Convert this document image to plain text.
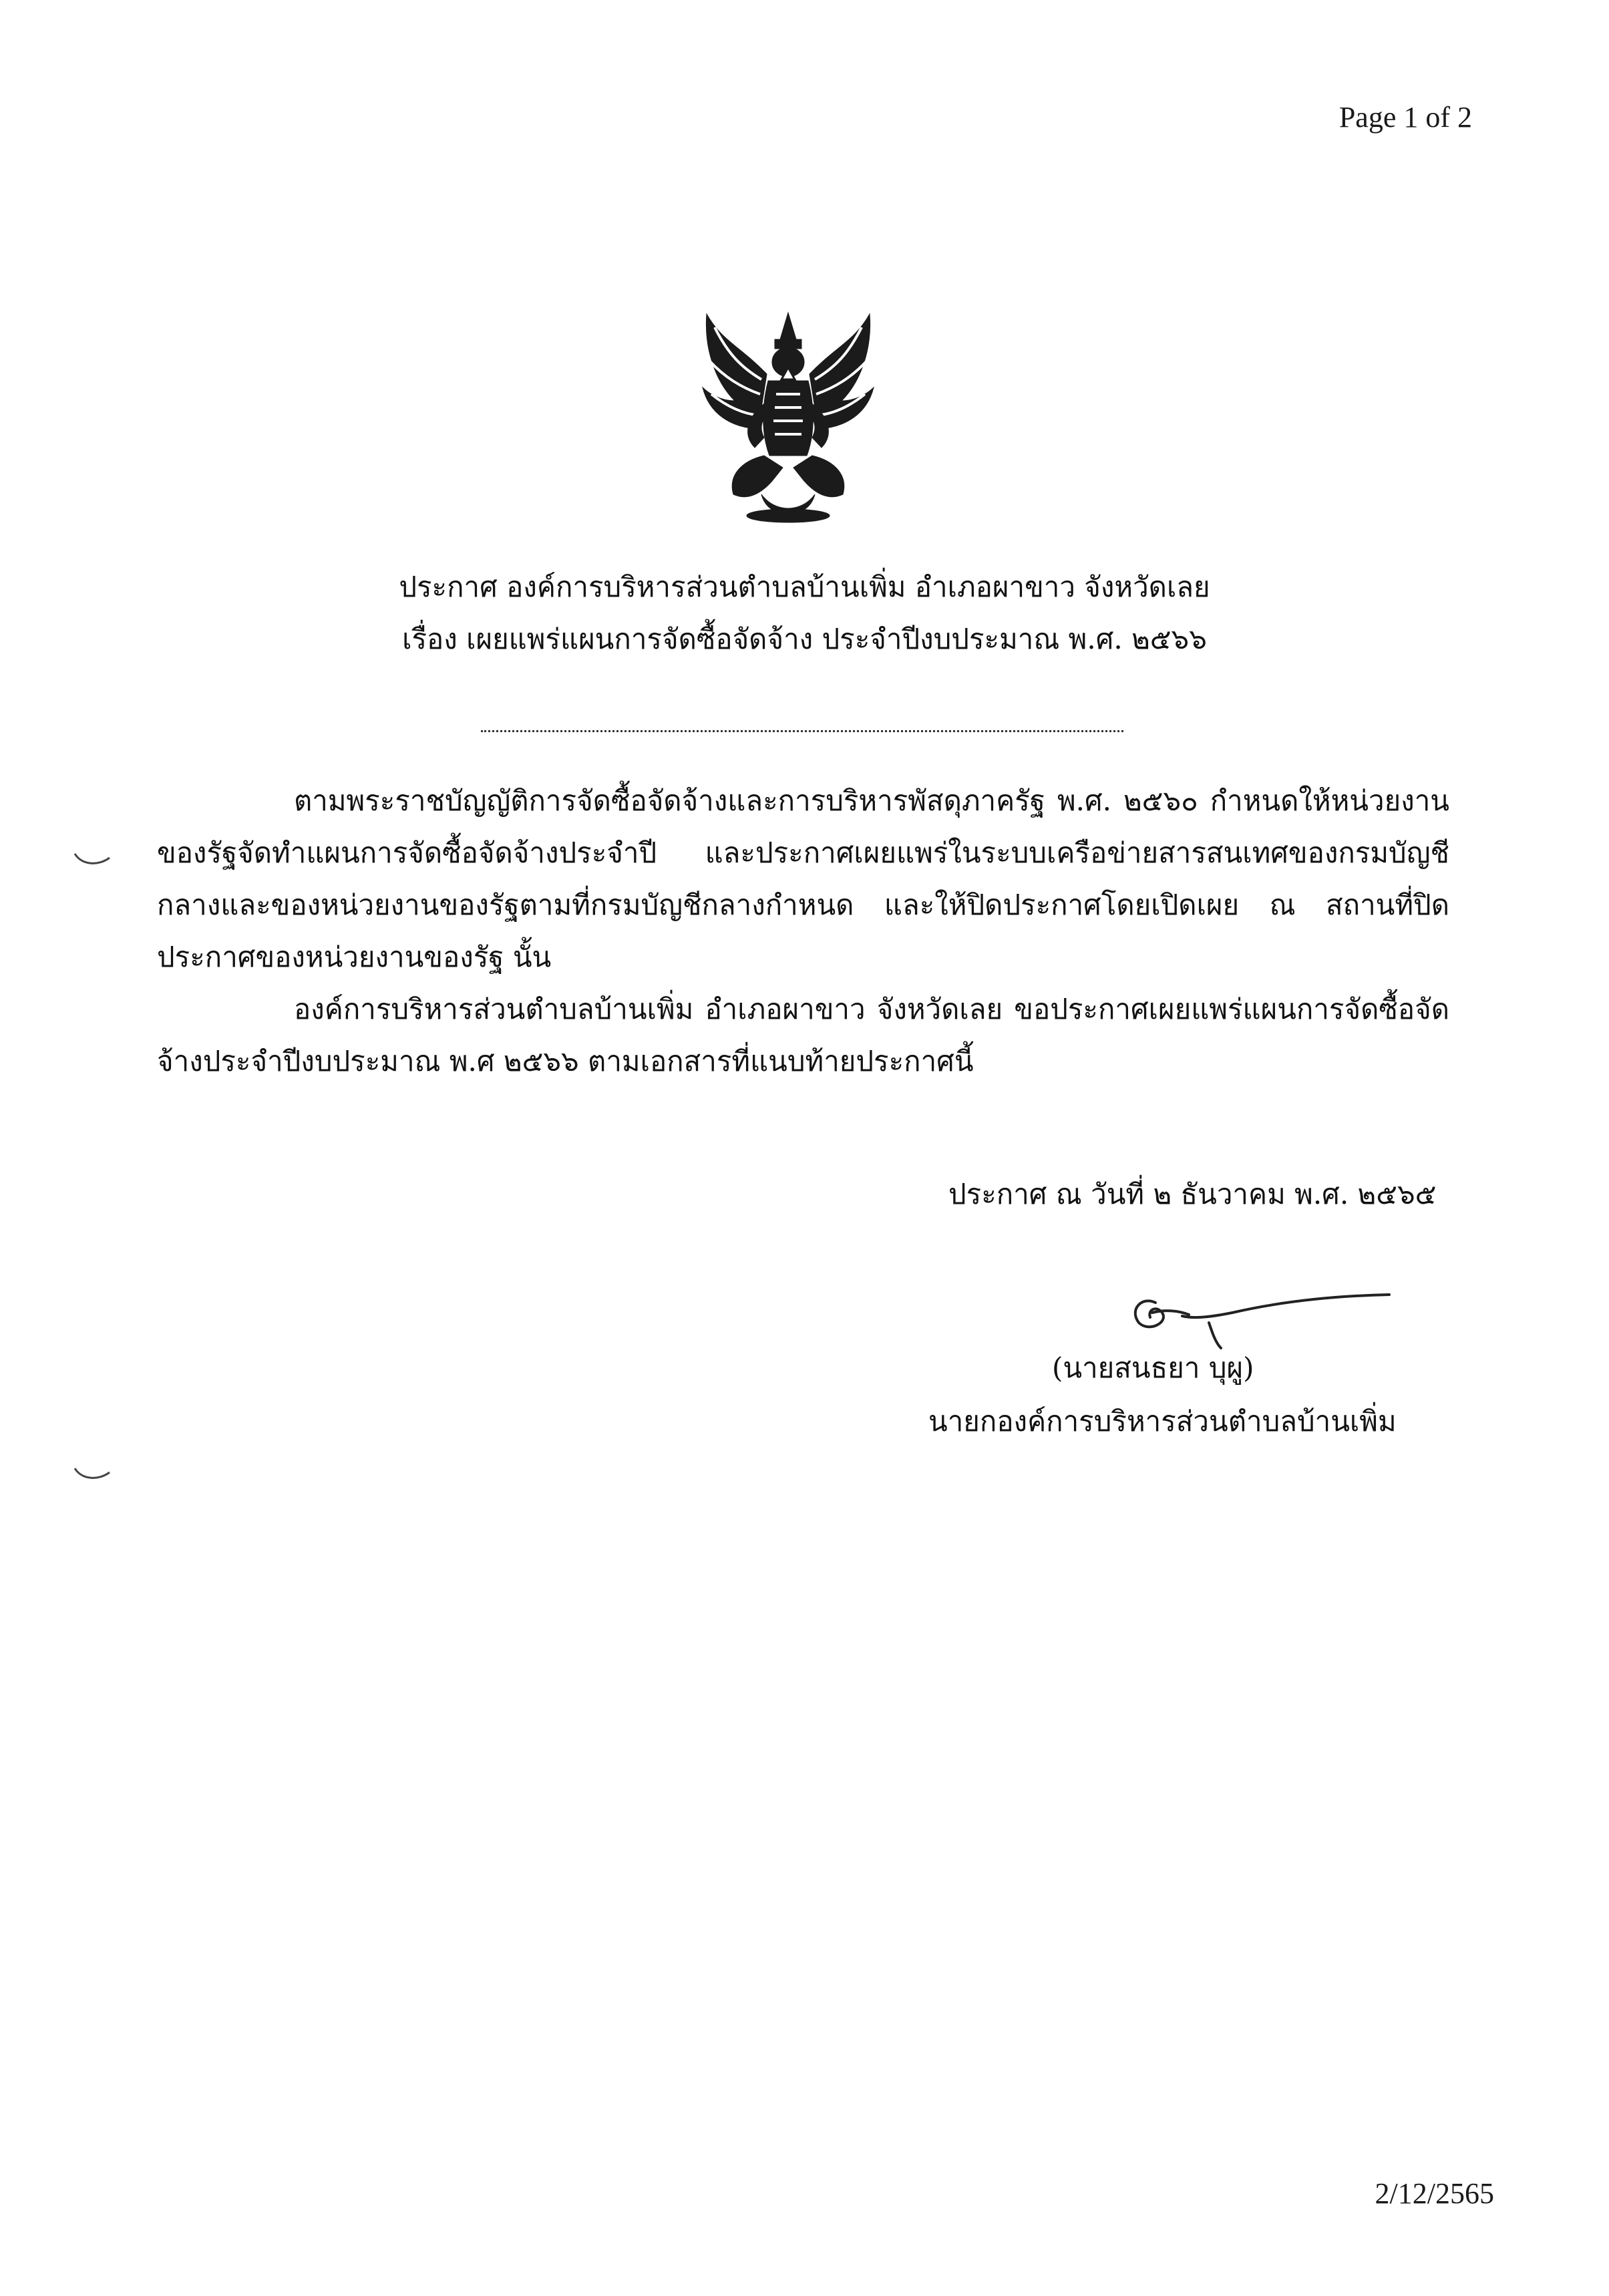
Page 1 of 2
ประกาศ องค์การบริหารส่วนตำบลบ้านเพิ่ม อำเภอผาขาว จังหวัดเลย
เรื่อง เผยแพร่แผนการจัดซื้อจัดจ้าง ประจำปีงบประมาณ พ.ศ. ๒๕๖๖

ตามพระราชบัญญัติการจัดซื้อจัดจ้างและการบริหารพัสดุภาครัฐ พ.ศ. ๒๕๖๐ กำหนดให้หน่วยงานของรัฐจัดทำแผนการจัดซื้อจัดจ้างประจำปี และประกาศเผยแพร่ในระบบเครือข่ายสารสนเทศของกรมบัญชีกลางและของหน่วยงานของรัฐตามที่กรมบัญชีกลางกำหนด และให้ปิดประกาศโดยเปิดเผย ณ สถานที่ปิดประกาศของหน่วยงานของรัฐ นั้น

องค์การบริหารส่วนตำบลบ้านเพิ่ม อำเภอผาขาว จังหวัดเลย ขอประกาศเผยแพร่แผนการจัดซื้อจัดจ้างประจำปีงบประมาณ พ.ศ ๒๕๖๖ ตามเอกสารที่แนบท้ายประกาศนี้

ประกาศ ณ วันที่ ๒ ธันวาคม พ.ศ. ๒๕๖๕
(นายสนธยา บุผู)
นายกองค์การบริหารส่วนตำบลบ้านเพิ่ม
2/12/2565
